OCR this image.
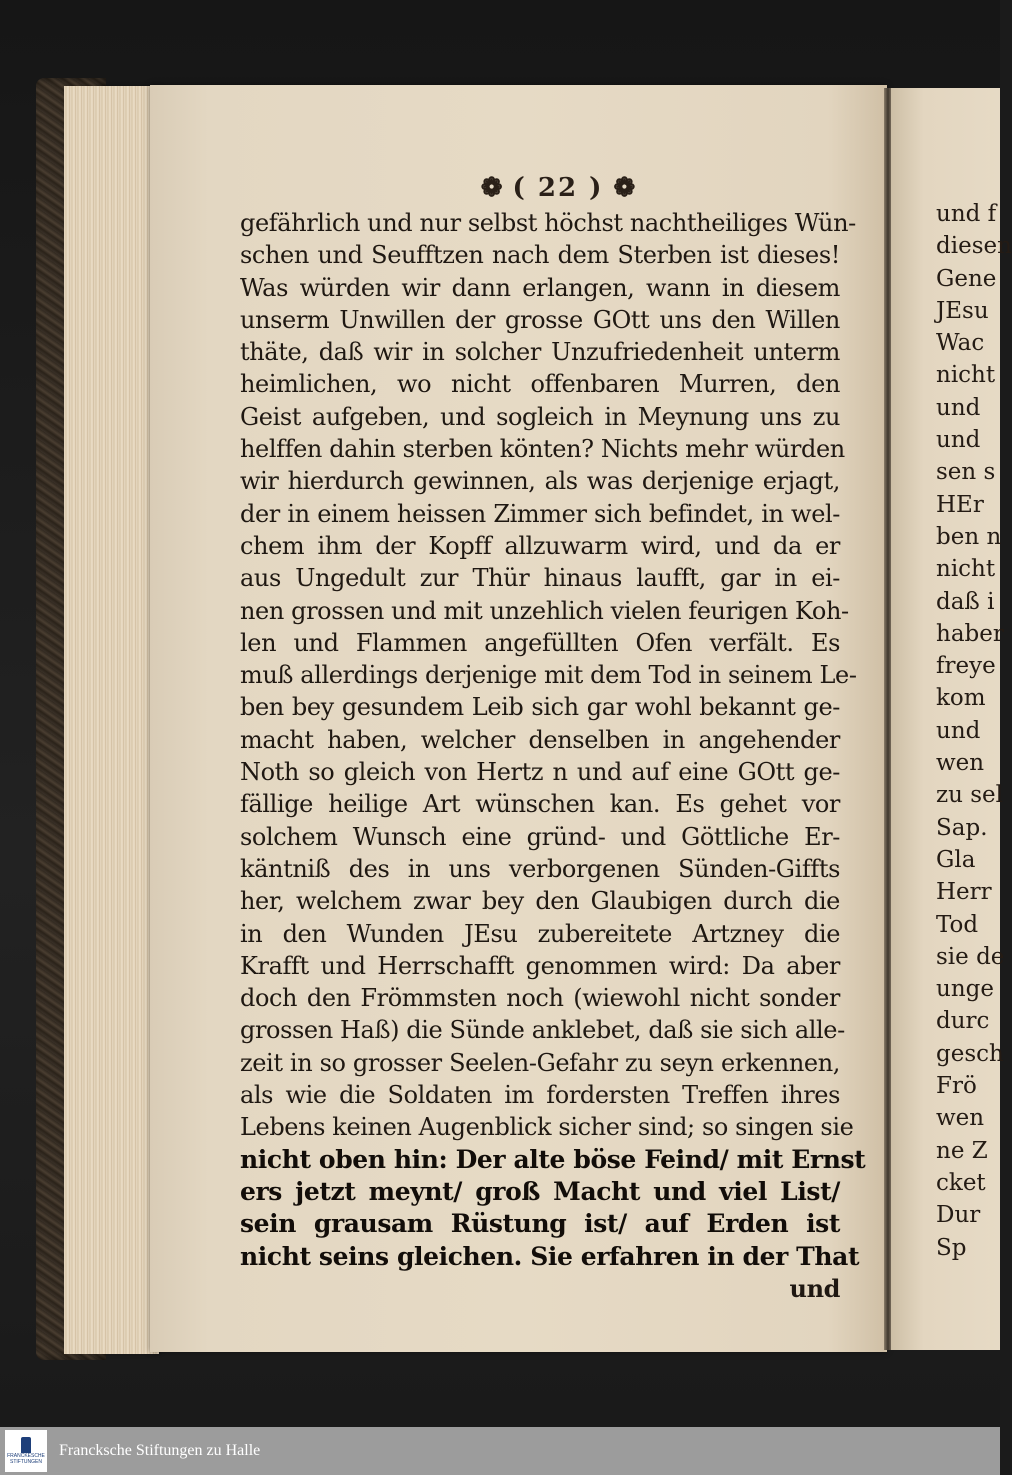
und f
diesen
Gene
JEsu
Wac
nicht
und
und
sen s
HEr
ben n
nicht
daß i
haber
freye
kom
und
wen
zu sel
Sap.
Gla
Herr
Tod
sie de
unge
durc
gesch
Frö
wen
ne Z
cket
Dur
Sp
❁ ( 22 ) ❁
gefährlich und nur selbst höchst nachtheiliges Wün-
schen und Seufftzen nach dem Sterben ist dieses!
Was würden wir dann erlangen, wann in diesem
unserm Unwillen der grosse GOtt uns den Willen
thäte, daß wir in solcher Unzufriedenheit unterm
heimlichen, wo nicht offenbaren Murren, den
Geist aufgeben, und sogleich in Meynung uns zu
helffen dahin sterben könten? Nichts mehr würden
wir hierdurch gewinnen, als was derjenige erjagt,
der in einem heissen Zimmer sich befindet, in wel-
chem ihm der Kopff allzuwarm wird, und da er
aus Ungedult zur Thür hinaus laufft, gar in ei-
nen grossen und mit unzehlich vielen feurigen Koh-
len und Flammen angefüllten Ofen verfält. Es
muß allerdings derjenige mit dem Tod in seinem Le-
ben bey gesundem Leib sich gar wohl bekannt ge-
macht haben, welcher denselben in angehender
Noth so gleich von Hertz n und auf eine GOtt ge-
fällige heilige Art wünschen kan. Es gehet vor
solchem Wunsch eine gründ- und Göttliche Er-
käntniß des in uns verborgenen Sünden-Giffts
her, welchem zwar bey den Glaubigen durch die
in den Wunden JEsu zubereitete Artzney die
Krafft und Herrschafft genommen wird: Da aber
doch den Frömmsten noch (wiewohl nicht sonder
grossen Haß) die Sünde anklebet, daß sie sich alle-
zeit in so grosser Seelen-Gefahr zu seyn erkennen,
als wie die Soldaten im fordersten Treffen ihres
Lebens keinen Augenblick sicher sind; so singen sie
nicht oben hin: Der alte böse Feind/ mit Ernst
ers jetzt meynt/ groß Macht und viel List/
sein grausam Rüstung ist/ auf Erden ist
nicht seins gleichen. Sie erfahren in der That
und
FRANCKESCHE STIFTUNGEN
Francksche Stiftungen zu Halle
